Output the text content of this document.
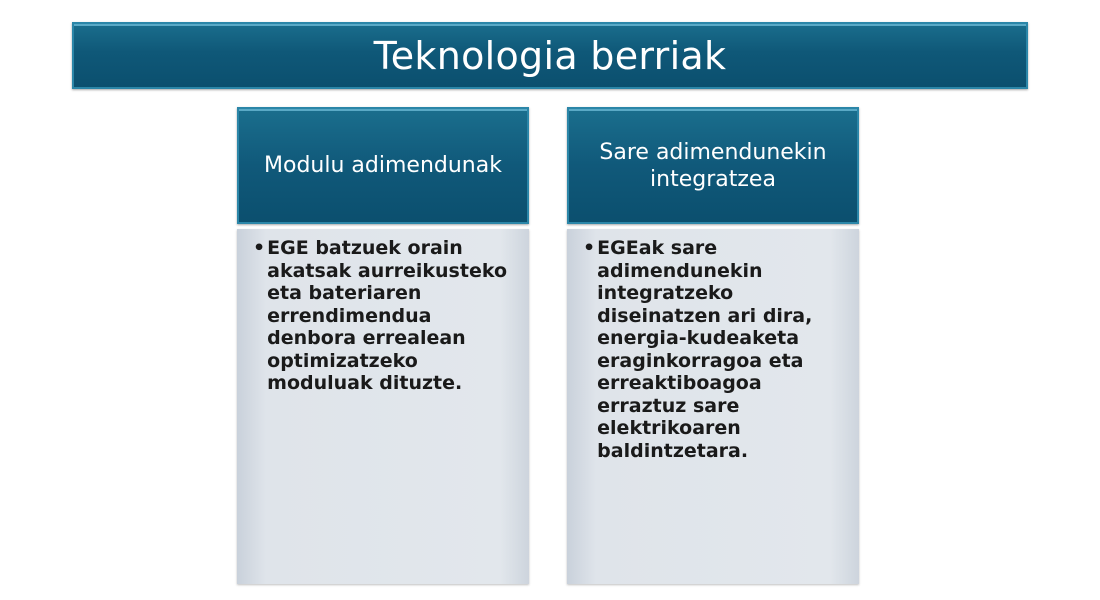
Teknologia berriak
Modulu adimendunak
• EGE batzuek orain akatsak aurreikusteko eta bateriaren errendimendua denbora errealean optimizatzeko moduluak dituzte.
Sare adimendunekin integratzea
• EGEak sare adimendunekin integratzeko diseinatzen ari dira, energia-kudeaketa eraginkorragoa eta erreaktiboagoa erraztuz sare elektrikoaren baldintzetara.
